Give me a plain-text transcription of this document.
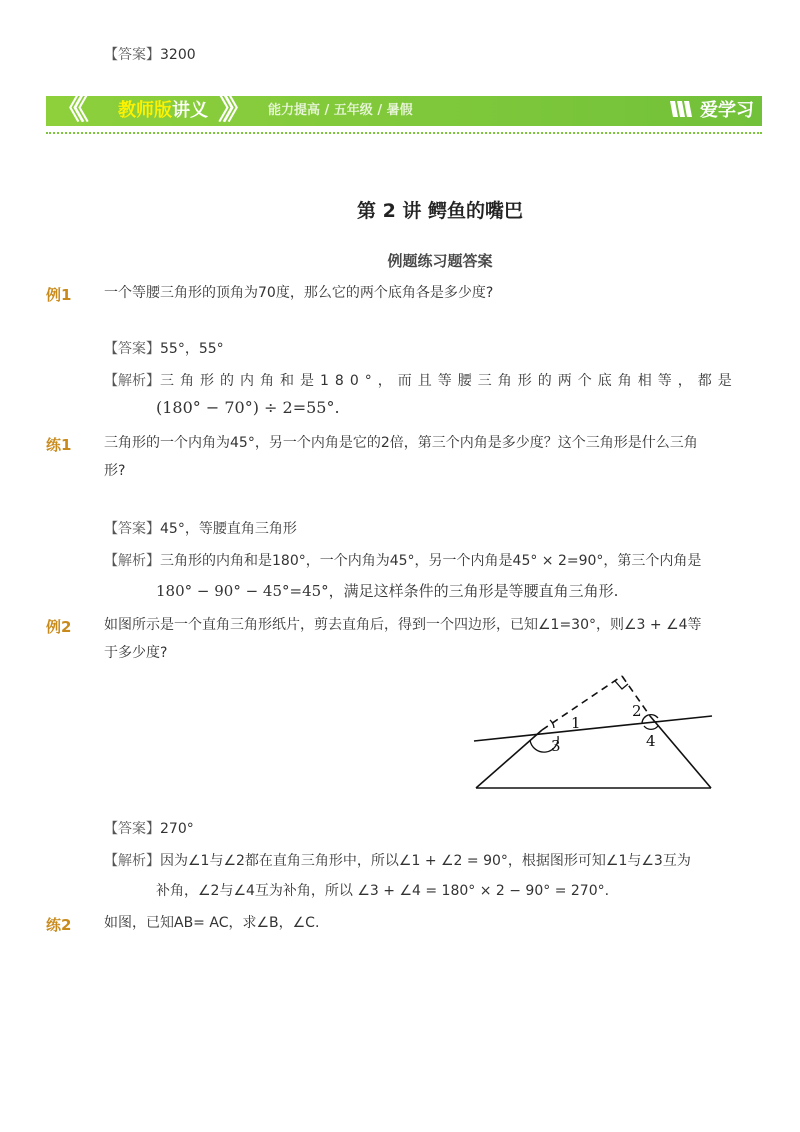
【答案】3200
《《 教师版讲义 》》 能力提高 / 五年级 / 暑假	爱学习
第 2 讲 鳄鱼的嘴巴
例题练习题答案
例1 一个等腰三角形的顶角为70度，那么它的两个底角各是多少度?
【答案】55°，55°
【解析】三角形的内角和是180°，而且等腰三角形的两个底角相等，都是
(180° − 70°) ÷ 2=55°.
练1 三角形的一个内角为45°，另一个内角是它的2倍，第三个内角是多少度？这个三角形是什么三角形?
【答案】45°，等腰直角三角形
【解析】三角形的内角和是180°，一个内角为45°，另一个内角是45° × 2=90°，第三个内角是
180° − 90° − 45°=45°，满足这样条件的三角形是等腰直角三角形.
例2 如图所示是一个直角三角形纸片，剪去直角后，得到一个四边形，已知∠1=30°，则∠3 + ∠4等于多少度?
1
2
3	4
【答案】270°
【解析】因为∠1与∠2都在直角三角形中，所以∠1 + ∠2 = 90°，根据图形可知∠1与∠3互为
补角，∠2与∠4互为补角，所以 ∠3 + ∠4 = 180° × 2 − 90° = 270°.
练2 如图，已知AB= AC，求∠B，∠C.
